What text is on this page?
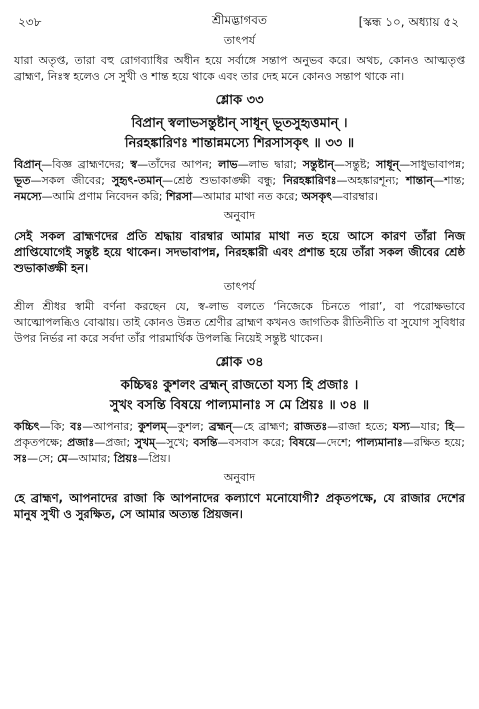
২৩৮	শ্রীমদ্ভাগবত	[স্কন্ধ ১০, অধ্যায় ৫২
তাৎপর্য

যারা অতৃপ্ত, তারা বহু রোগব্যাধির অধীন হয়ে সর্বাঙ্গে সন্তাপ অনুভব করে। অথচ, কোনও আত্মতৃপ্ত ব্রাহ্মণ, নিঃস্ব হলেও সে সুখী ও শান্ত হয়ে থাকে এবং তার দেহ মনে কোনও সন্তাপ থাকে না।

শ্লোক ৩৩
বিপ্রান্ স্বলাভসন্তুষ্টান্ সাধূন্ ভূতসুহৃত্তমান্ ।
নিরহঙ্কারিণঃ শান্তান্নমস্যে শিরসাসকৃৎ ॥ ৩৩ ॥

বিপ্রান্—বিজ্ঞ ব্রাহ্মণদের; স্ব—তাঁদের আপন; লাভ—লাভ দ্বারা; সন্তুষ্টান্—সন্তুষ্ট; সাধূন্—সাধুভাবাপন্ন; ভূত—সকল জীবের; সুহৃৎ-তমান্—শ্রেষ্ঠ শুভাকাঙ্ক্ষী বন্ধু; নিরহঙ্কারিণঃ—অহঙ্কারশূন্য; শান্তান্—শান্ত; নমস্যে—আমি প্রণাম নিবেদন করি; শিরসা—আমার মাথা নত করে; অসকৃৎ—বারম্বার।

অনুবাদ

সেই সকল ব্রাহ্মণদের প্রতি শ্রদ্ধায় বারম্বার আমার মাথা নত হয়ে আসে কারণ তাঁরা নিজ প্রাপ্তিযোগেই সন্তুষ্ট হয়ে থাকেন। সদভাবাপন্ন, নিরহঙ্কারী এবং প্রশান্ত হয়ে তাঁরা সকল জীবের শ্রেষ্ঠ শুভাকাঙ্ক্ষী হন।

তাৎপর্য

শ্রীল শ্রীধর স্বামী বর্ণনা করছেন যে, স্ব-লাভ বলতে ‘নিজেকে চিনতে পারা’, বা পরোক্ষভাবে আত্মোপলব্ধিও বোঝায়। তাই কোনও উন্নত শ্রেণীর ব্রাহ্মণ কখনও জাগতিক রীতিনীতি বা সুযোগ সুবিধার উপর নির্ভর না করে সর্বদা তাঁর পারমার্থিক উপলব্ধি নিয়েই সন্তুষ্ট থাকেন।

শ্লোক ৩৪
কচ্চিদ্বঃ কুশলং ব্রহ্মন্ রাজতো যস্য হি প্রজাঃ ।
সুখং বসন্তি বিষয়ে পাল্যমানাঃ স মে প্রিয়ঃ ॥ ৩৪ ॥

কচ্চিৎ—কি; বঃ—আপনার; কুশলম্—কুশল; ব্রহ্মন্—হে ব্রাহ্মণ; রাজতঃ—রাজা হতে; যস্য—যার; হি—প্রকৃতপক্ষে; প্রজাঃ—প্রজা; সুখম্—সুখে; বসন্তি—বসবাস করে; বিষয়ে—দেশে; পাল্যমানাঃ—রক্ষিত হয়ে; সঃ—সে; মে—আমার; প্রিয়ঃ—প্রিয়।

অনুবাদ

হে ব্রাহ্মণ, আপনাদের রাজা কি আপনাদের কল্যাণে মনোযোগী? প্রকৃতপক্ষে, যে রাজার দেশের মানুষ সুখী ও সুরক্ষিত, সে আমার অত্যন্ত প্রিয়জন।
